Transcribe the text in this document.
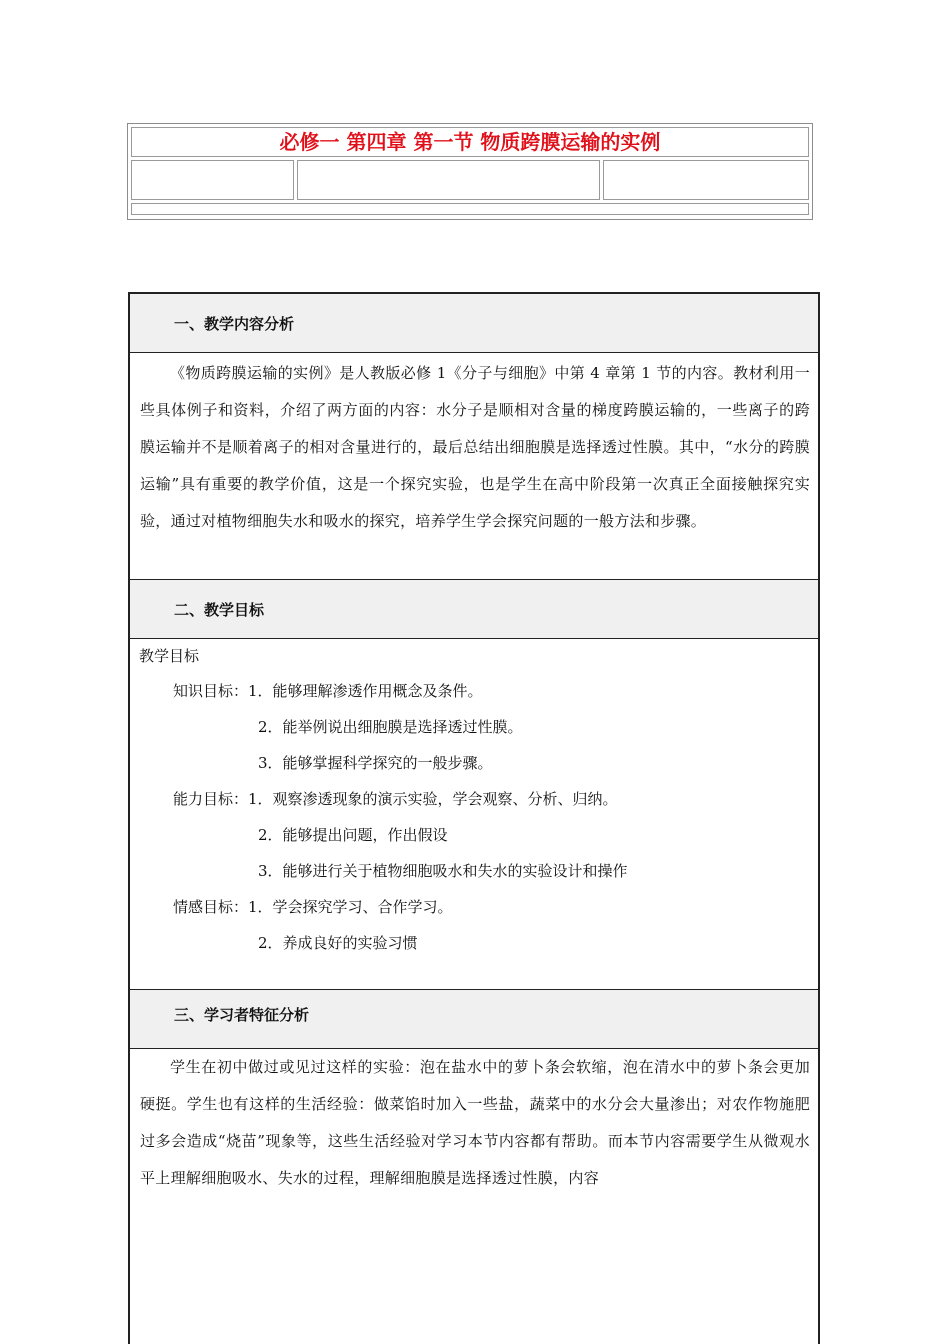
必修一 第四章 第一节 物质跨膜运输的实例
一、教学内容分析

《物质跨膜运输的实例》是人教版必修 1《分子与细胞》中第 4 章第 1 节的内容。教材利用一些具体例子和资料，介绍了两方面的内容：水分子是顺相对含量的梯度跨膜运输的，一些离子的跨膜运输并不是顺着离子的相对含量进行的，最后总结出细胞膜是选择透过性膜。其中，“水分的跨膜运输”具有重要的教学价值，这是一个探究实验，也是学生在高中阶段第一次真正全面接触探究实验，通过对植物细胞失水和吸水的探究，培养学生学会探究问题的一般方法和步骤。

二、教学目标
教学目标
知识目标：1．能够理解渗透作用概念及条件。
2．能举例说出细胞膜是选择透过性膜。
3．能够掌握科学探究的一般步骤。
能力目标：1．观察渗透现象的演示实验，学会观察、分析、归纳。
2．能够提出问题，作出假设
3．能够进行关于植物细胞吸水和失水的实验设计和操作
情感目标：1．学会探究学习、合作学习。
2．养成良好的实验习惯
三、学习者特征分析

学生在初中做过或见过这样的实验：泡在盐水中的萝卜条会软缩，泡在清水中的萝卜条会更加硬挺。学生也有这样的生活经验：做菜馅时加入一些盐，蔬菜中的水分会大量渗出；对农作物施肥过多会造成“烧苗”现象等，这些生活经验对学习本节内容都有帮助。而本节内容需要学生从微观水平上理解细胞吸水、失水的过程，理解细胞膜是选择透过性膜，内容
